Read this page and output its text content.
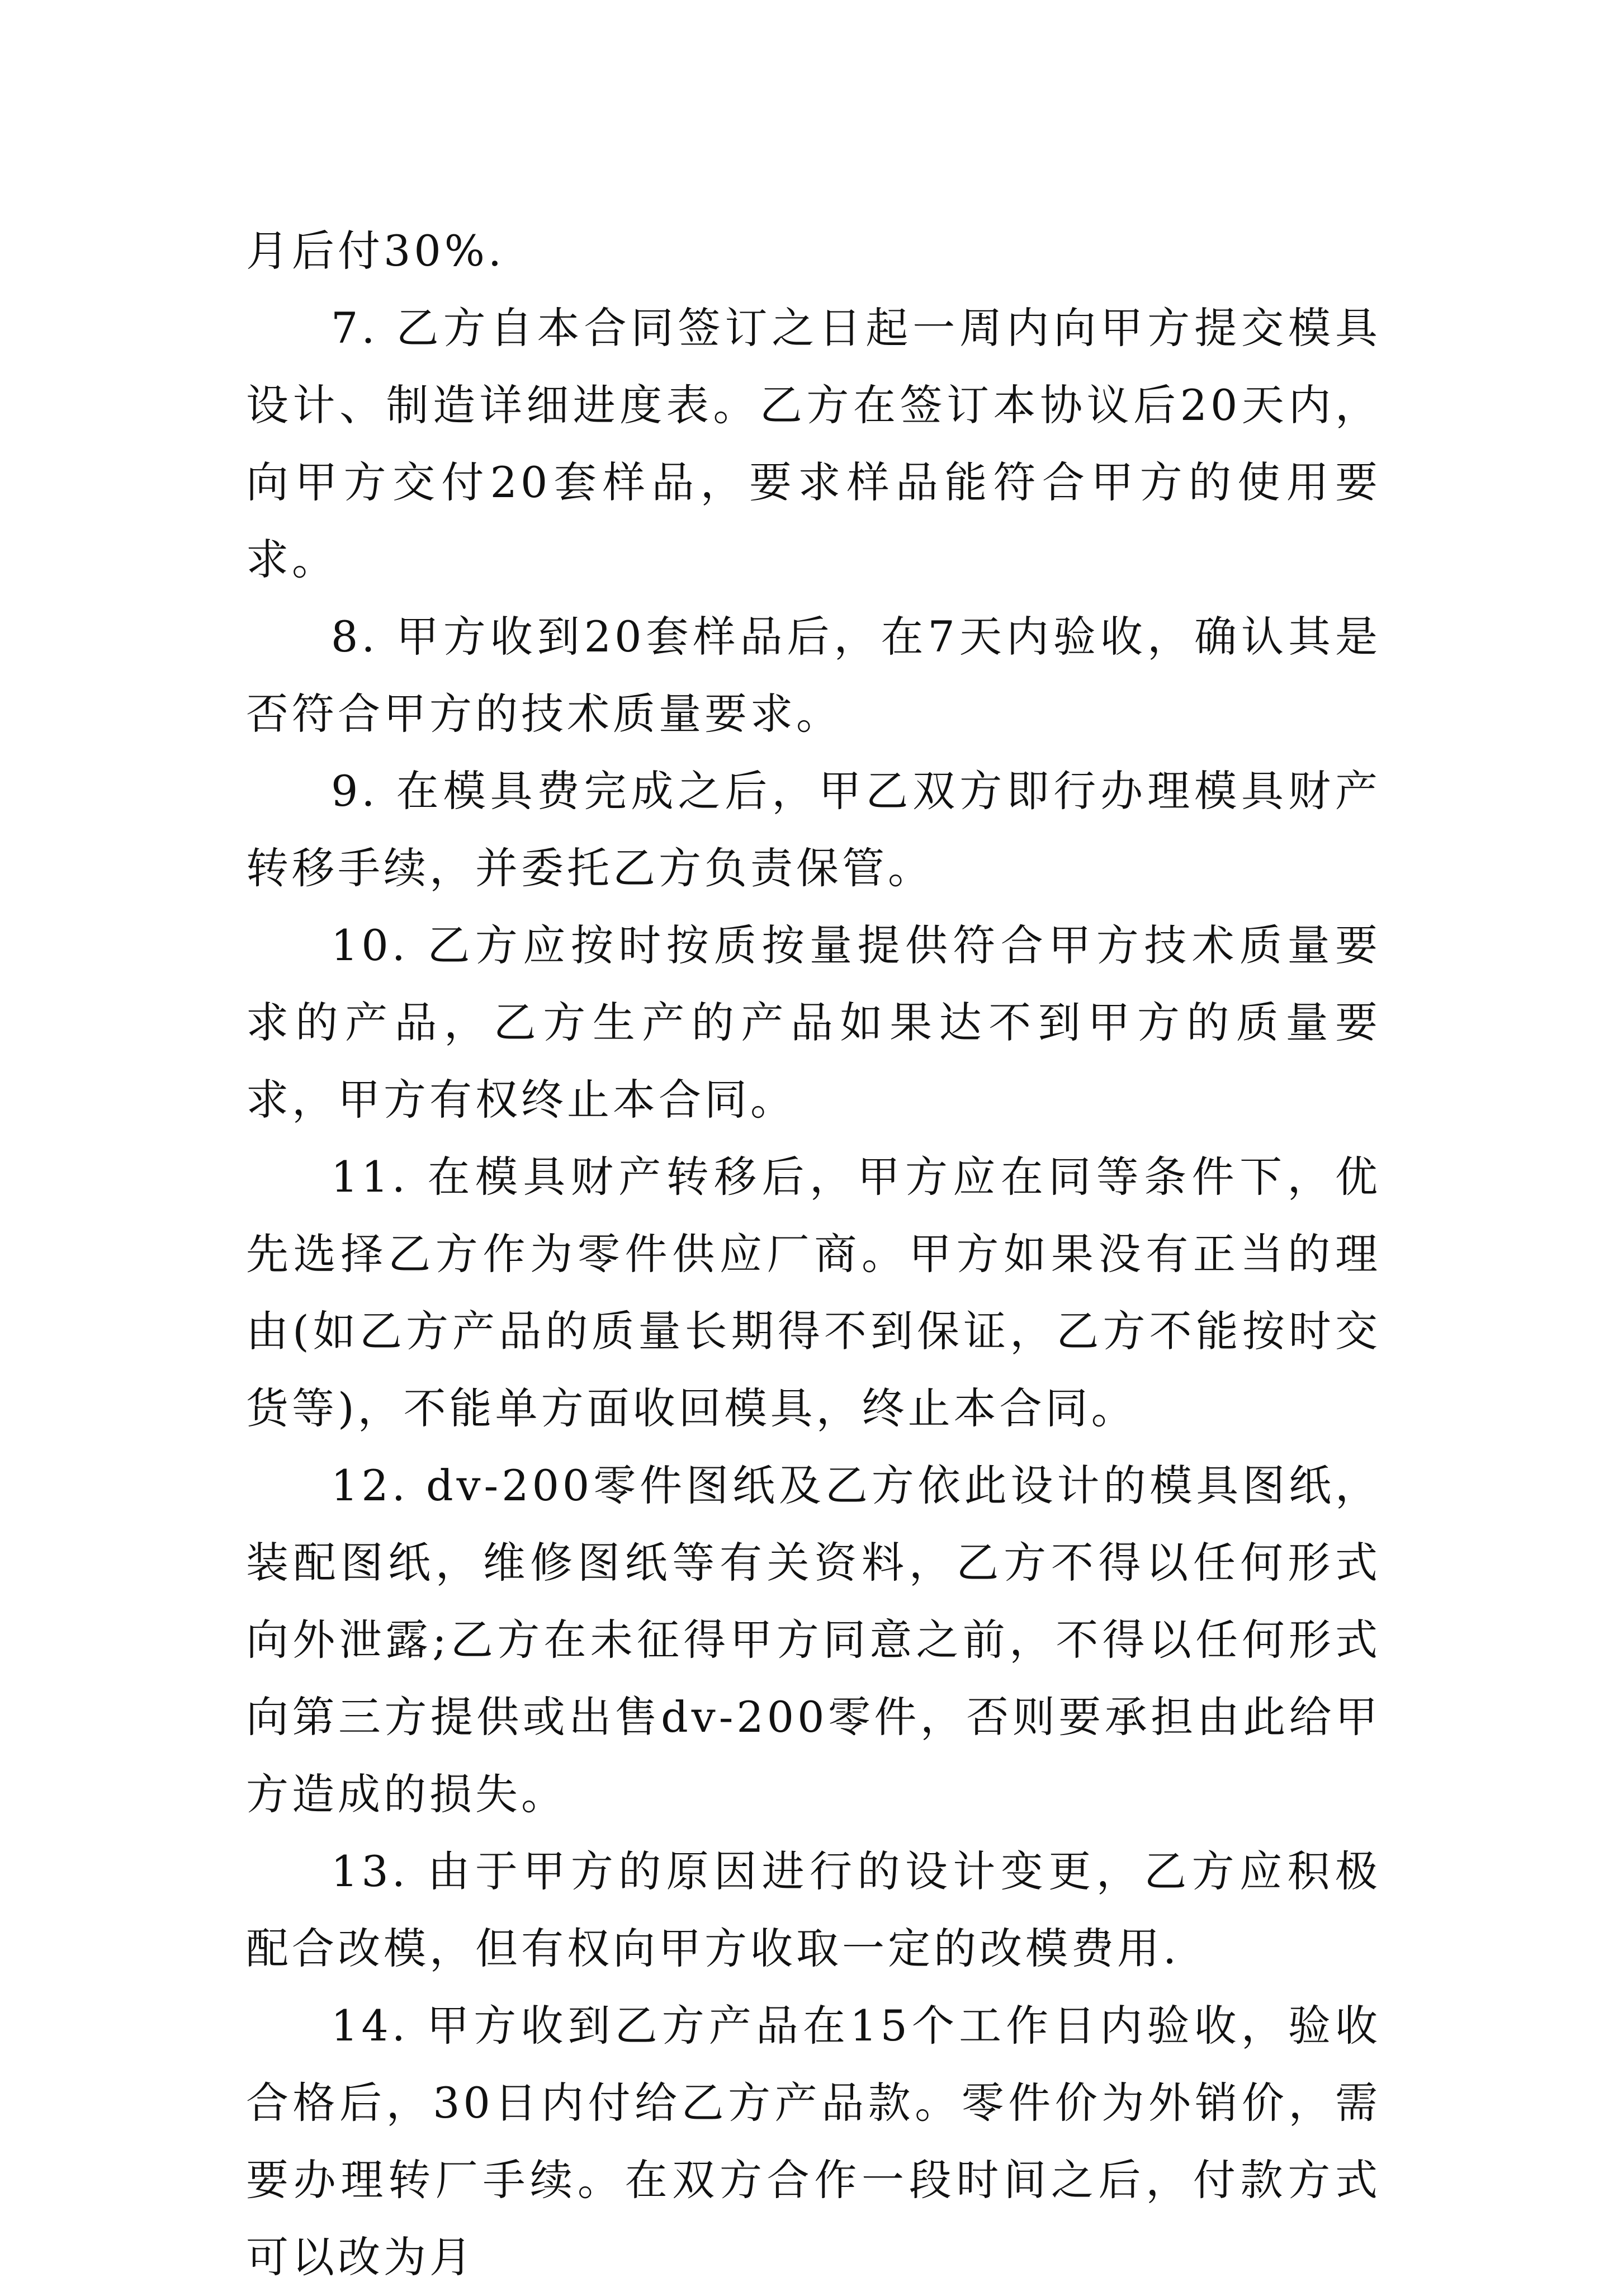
月后付30%.

7. 乙方自本合同签订之日起一周内向甲方提交模具设计、制造详细进度表。乙方在签订本协议后20天内，向甲方交付20套样品，要求样品能符合甲方的使用要求。

8. 甲方收到20套样品后，在7天内验收，确认其是否符合甲方的技术质量要求。

9. 在模具费完成之后，甲乙双方即行办理模具财产转移手续，并委托乙方负责保管。

10. 乙方应按时按质按量提供符合甲方技术质量要求的产品，乙方生产的产品如果达不到甲方的质量要求，甲方有权终止本合同。

11. 在模具财产转移后，甲方应在同等条件下，优先选择乙方作为零件供应厂商。甲方如果没有正当的理由(如乙方产品的质量长期得不到保证，乙方不能按时交货等)，不能单方面收回模具，终止本合同。

12. dv-200零件图纸及乙方依此设计的模具图纸，装配图纸，维修图纸等有关资料，乙方不得以任何形式向外泄露;乙方在未征得甲方同意之前，不得以任何形式向第三方提供或出售dv-200零件，否则要承担由此给甲方造成的损失。

13. 由于甲方的原因进行的设计变更，乙方应积极配合改模，但有权向甲方收取一定的改模费用.

14. 甲方收到乙方产品在15个工作日内验收，验收合格后，30日内付给乙方产品款。零件价为外销价，需要办理转厂手续。在双方合作一段时间之后，付款方式可以改为月
